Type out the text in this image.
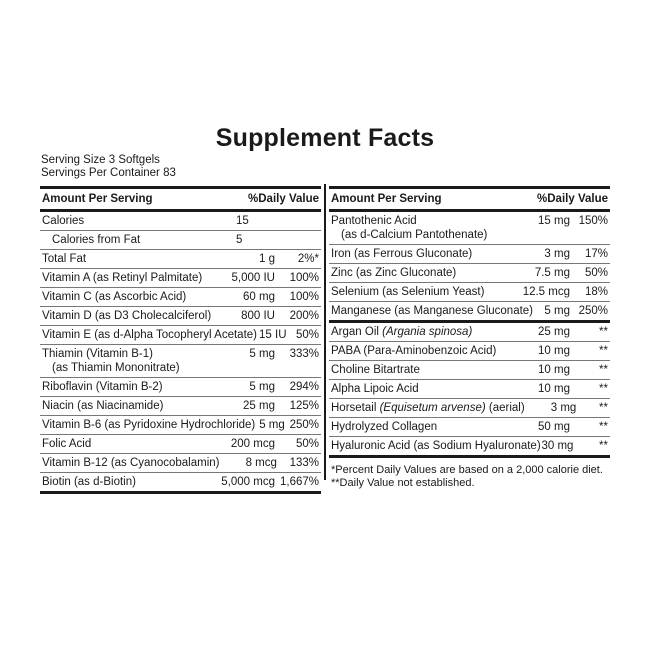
Supplement Facts
Serving Size 3 Softgels
Servings Per Container 83
Amount Per Serving	%Daily Value
Calories	15
Calories from Fat	5
Total Fat	1 g	2%*
Vitamin A (as Retinyl Palmitate)	5,000 IU	100%
Vitamin C (as Ascorbic Acid)	60 mg	100%
Vitamin D (as D3 Cholecalciferol)	800 IU	200%
Vitamin E (as d-Alpha Tocopheryl Acetate) 15 IU 50%
Thiamin (Vitamin B-1)
(as Thiamin Mononitrate)
5 mg	333%
Riboflavin (Vitamin B-2)	5 mg	294%
Niacin (as Niacinamide)	25 mg	125%
Vitamin B-6 (as Pyridoxine Hydrochloride) 5 mg 250%
Folic Acid	200 mcg	50%
Vitamin B-12 (as Cyanocobalamin)	8 mcg	133%
Biotin (as d-Biotin)	5,000 mcg 1,667%
Amount Per Serving	%Daily Value
Pantothenic Acid
(as d-Calcium Pantothenate)
15 mg 150%
Iron (as Ferrous Gluconate)	3 mg	17%
Zinc (as Zinc Gluconate)	7.5 mg	50%
Selenium (as Selenium Yeast)	12.5 mcg	18%
Manganese (as Manganese Gluconate) 5 mg 250%
Argan Oil (Argania spinosa)	25 mg	**
PABA (Para-Aminobenzoic Acid)	10 mg	**
Choline Bitartrate	10 mg	**
Alpha Lipoic Acid	10 mg	**
Horsetail (Equisetum arvense) (aerial)	3 mg	**
Hydrolyzed Collagen	50 mg	**
Hyaluronic Acid (as Sodium Hyaluronate) 30 mg	**
*Percent Daily Values are based on a 2,000 calorie diet.
**Daily Value not established.
